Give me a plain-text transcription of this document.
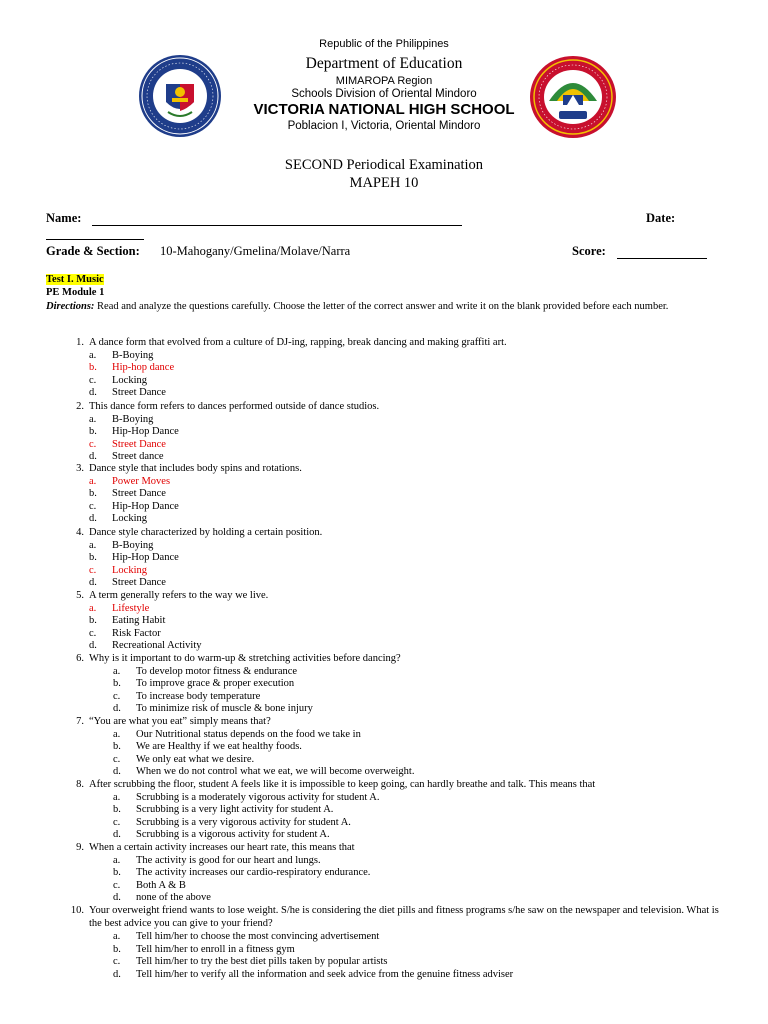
Republic of the Philippines
Department of Education
MIMAROPA Region
Schools Division of Oriental Mindoro
VICTORIA NATIONAL HIGH SCHOOL
Poblacion I, Victoria, Oriental Mindoro
SECOND Periodical Examination
MAPEH 10
Name:	Date:
Grade & Section: 10-Mahogany/Gmelina/Molave/Narra	Score:
Test I. Music
PE Module 1
Directions: Read and analyze the questions carefully. Choose the letter of the correct answer and write it on the blank provided before each number.
1. A dance form that evolved from a culture of DJ-ing, rapping, break dancing and making graffiti art.
a. B-Boying
b. Hip-hop dance
c. Locking
d. Street Dance
2. This dance form refers to dances performed outside of dance studios.
a. B-Boying
b. Hip-Hop Dance
c. Street Dance
d. Street dance
3. Dance style that includes body spins and rotations.
a. Power Moves
b. Street Dance
c. Hip-Hop Dance
d. Locking
4. Dance style characterized by holding a certain position.
a. B-Boying
b. Hip-Hop Dance
c. Locking
d. Street Dance
5. A term generally refers to the way we live.
a. Lifestyle
b. Eating Habit
c. Risk Factor
d. Recreational Activity
6. Why is it important to do warm-up & stretching activities before dancing?
a. To develop motor fitness & endurance
b. To improve grace & proper execution
c. To increase body temperature
d. To minimize risk of muscle & bone injury
7. “You are what you eat” simply means that?
a. Our Nutritional status depends on the food we take in
b. We are Healthy if we eat healthy foods.
c. We only eat what we desire.
d. When we do not control what we eat, we will become overweight.
8. After scrubbing the floor, student A feels like it is impossible to keep going, can hardly breathe and talk. This means that
a. Scrubbing is a moderately vigorous activity for student A.
b. Scrubbing is a very light activity for student A.
c. Scrubbing is a very vigorous activity for student A.
d. Scrubbing is a vigorous activity for student A.
9. When a certain activity increases our heart rate, this means that
a. The activity is good for our heart and lungs.
b. The activity increases our cardio-respiratory endurance.
c. Both A & B
d. none of the above
10. Your overweight friend wants to lose weight. S/he is considering the diet pills and fitness programs s/he saw on the newspaper and television. What is the best advice you can give to your friend?
a. Tell him/her to choose the most convincing advertisement
b. Tell him/her to enroll in a fitness gym
c. Tell him/her to try the best diet pills taken by popular artists
d. Tell him/her to verify all the information and seek advice from the genuine fitness adviser
